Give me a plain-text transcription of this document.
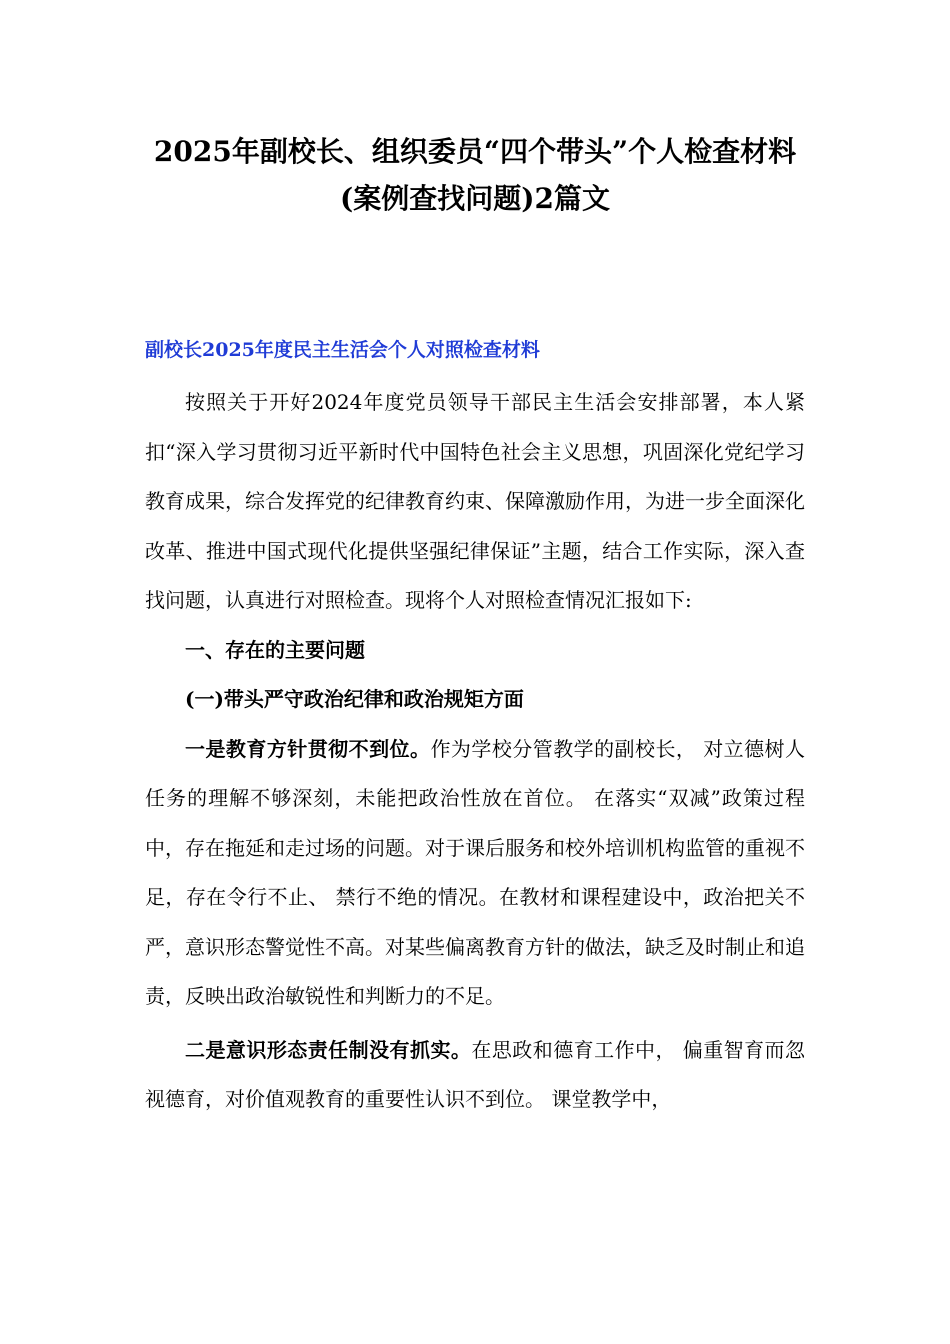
2025年副校长、组织委员“四个带头”个人检查材料(案例查找问题)2篇文
副校长2025年度民主生活会个人对照检查材料

按照关于开好2024年度党员领导干部民主生活会安排部署，本人紧扣“深入学习贯彻习近平新时代中国特色社会主义思想，巩固深化党纪学习教育成果，综合发挥党的纪律教育约束、保障激励作用，为进一步全面深化改革、推进中国式现代化提供坚强纪律保证”主题，结合工作实际，深入查找问题，认真进行对照检查。现将个人对照检查情况汇报如下:

一、存在的主要问题

(一)带头严守政治纪律和政治规矩方面

一是教育方针贯彻不到位。作为学校分管教学的副校长， 对立德树人任务的理解不够深刻，未能把政治性放在首位。 在落实“双减”政策过程中，存在拖延和走过场的问题。对于课后服务和校外培训机构监管的重视不足，存在令行不止、 禁行不绝的情况。在教材和课程建设中，政治把关不严，意识形态警觉性不高。对某些偏离教育方针的做法，缺乏及时制止和追责，反映出政治敏锐性和判断力的不足。

二是意识形态责任制没有抓实。在思政和德育工作中， 偏重智育而忽视德育，对价值观教育的重要性认识不到位。 课堂教学中，
